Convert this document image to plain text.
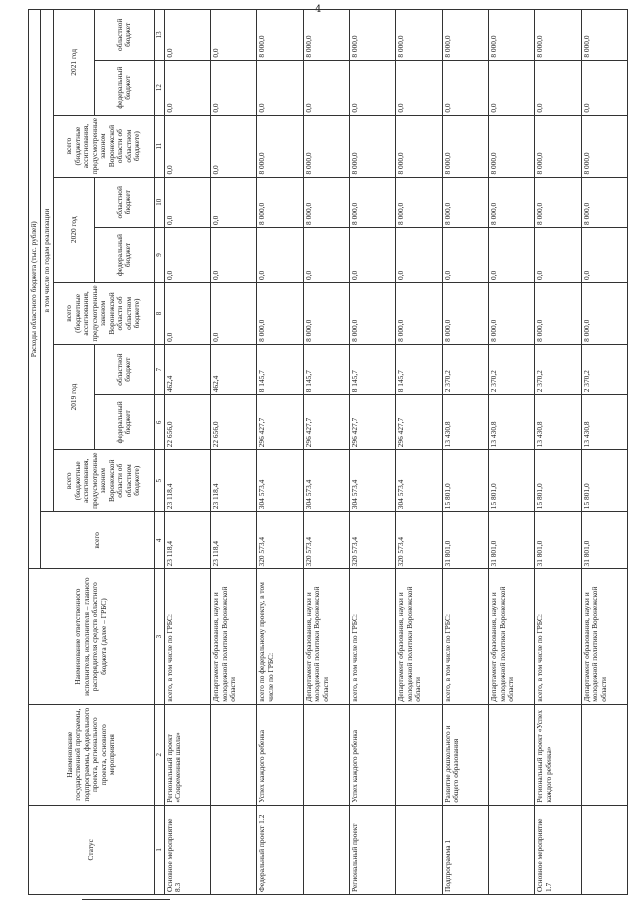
4
Статус	Наименование государственной программы, подпрограммы, федерального проекта, регионального проекта, основного мероприятия	Наименование ответственного исполнителя, исполнителя – главного распорядителя средств областного бюджета (далее – ГРБС)	Расходы областного бюджета (тыс. рублей)									
			всего	в том числе по годам реализации								
				всего (бюджетные ассигнования, предусмотренные законом Воронежской области об областном бюджете)	2019 год		всего (бюджетные ассигнования, предусмотренные законом Воронежской области об областном бюджете)	2020 год		всего (бюджетные ассигнования, предусмотренные законом Воронежской области об областном бюджете)	2021 год	
					федеральный бюджет	областной бюджет		федеральный бюджет	областной бюджет		федеральный бюджет	областной бюджет
1	2	3	4	5	6	7	8	9	10	11	12	13
Основное мероприятие 8.3	Региональный проект «Современная школа»	всего, в том числе по ГРБС:	23 118,4	23 118,4	22 656,0	462,4	0,0	0,0	0,0	0,0	0,0	0,0
		Департамент образования, науки и молодежной политики Воронежской области	23 118,4	23 118,4	22 656,0	462,4	0,0	0,0	0,0	0,0	0,0	0,0
Федеральный проект 1.2	Успех каждого ребенка	всего по федеральному проекту, в том числе по ГРБС:	320 573,4	304 573,4	296 427,7	8 145,7	8 000,0	0,0	8 000,0	8 000,0	0,0	8 000,0
		Департамент образования, науки и молодежной политики Воронежской области	320 573,4	304 573,4	296 427,7	8 145,7	8 000,0	0,0	8 000,0	8 000,0	0,0	8 000,0
Региональный проект	Успех каждого ребенка	всего, в том числе по ГРБС:	320 573,4	304 573,4	296 427,7	8 145,7	8 000,0	0,0	8 000,0	8 000,0	0,0	8 000,0
		Департамент образования, науки и молодежной политики Воронежской области	320 573,4	304 573,4	296 427,7	8 145,7	8 000,0	0,0	8 000,0	8 000,0	0,0	8 000,0
Подпрограмма 1	Развитие дошкольного и общего образования	всего, в том числе по ГРБС:	31 801,0	15 801,0	13 430,8	2 370,2	8 000,0	0,0	8 000,0	8 000,0	0,0	8 000,0
		Департамент образования, науки и молодежной политики Воронежской области	31 801,0	15 801,0	13 430,8	2 370,2	8 000,0	0,0	8 000,0	8 000,0	0,0	8 000,0
Основное мероприятие 1.7	Региональный проект «Успех каждого ребенка»	всего, в том числе по ГРБС:	31 801,0	15 801,0	13 430,8	2 370,2	8 000,0	0,0	8 000,0	8 000,0	0,0	8 000,0
		Департамент образования, науки и молодежной политики Воронежской области	31 801,0	15 801,0	13 430,8	2 370,2	8 000,0	0,0	8 000,0	8 000,0	0,0	8 000,0
